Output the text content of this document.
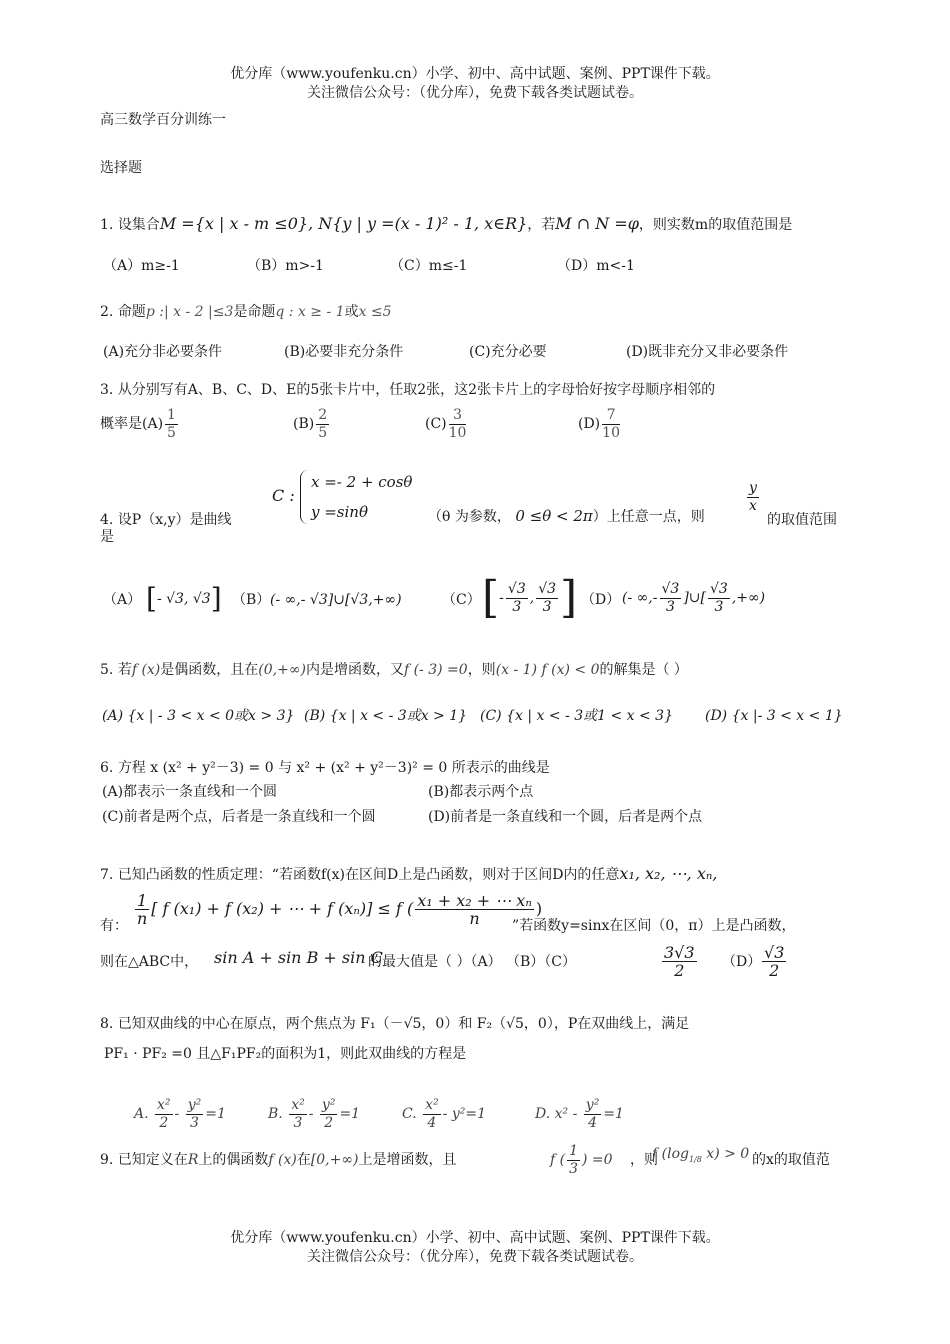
优分库（www.youfenku.cn）小学、初中、高中试题、案例、PPT课件下载。
关注微信公众号：（优分库），免费下载各类试题试卷。
高三数学百分训练一
选择题
1. 设集合M ={x | x - m ≤0}, N{y | y =(x - 1)² - 1, x∈R}，若M ∩ N =φ，则实数m的取值范围是
（A）m≥-1	（B）m>-1	（C）m≤-1	（D）m<-1
2. 命题p :| x - 2 |≤3是命题q : x ≥ - 1或x ≤5
(A)充分非必要条件	(B)必要非充分条件	(C)充分必要	(D)既非充分又非必要条件
3. 从分别写有A、B、C、D、E的5张卡片中，任取2张，这2张卡片上的字母恰好按字母顺序相邻的
概率是$(A) \frac{1}{5}$	$(B) \frac{2}{5}$	$(C) \frac{3}{10}$	$(D) \frac{7}{10}$
C :
x =- 2 + cosθ
y =sinθ
4. 设P（x,y）是曲线	（θ 为参数， 0 ≤θ < 2π）上任意一点，则
$\frac{y}{x}$
的取值范围
是
（A） [- √3, √3] （B） (- ∞,- √3]∪[√3,+∞)	（C） [- $\frac{√3}{3}$ , $\frac{√3}{3}$ ] （D） (- ∞,- $\frac{√3}{3}$ ]∪[ $\frac{√3}{3}$ ,+∞)
5. 若f (x)是偶函数，且在(0,+∞)内是增函数，又f (- 3) =0，则(x - 1) f (x) < 0的解集是（ ）
(A) {x | - 3 < x < 0或x > 3} (B) {x | x < - 3或x > 1} (C) {x | x < - 3或1 < x < 3} (D) {x |- 3 < x < 1}
6. 方程 x (x² + y²－3) = 0 与 x² + (x² + y²－3)² = 0 所表示的曲线是
(A)都表示一条直线和一个圆	(B)都表示两个点
(C)前者是两个点，后者是一条直线和一个圆	(D)前者是一条直线和一个圆，后者是两个点
7. 已知凸函数的性质定理：“若函数f(x)在区间D上是凸函数，则对于区间D内的任意x₁, x₂, ⋯, xₙ,
有： $\frac{1}{n}$ [ f (x₁) + f (x₂) + ⋯ + f (xₙ)] ≤ f ( $\frac{\text{x₁ + x₂ + ⋯ xₙ}}{n}$ )
”若函数y=sinx在区间（0，π）上是凸函数，
则在△ABC中， sin A + sin B + sin C
的最大值是（ ）（A） （B）（C）	$\frac{3√3}{2} (D) \frac{√3}{2}$
8. 已知双曲线的中心在原点，两个焦点为 F₁（－√5，0）和 F₂（√5，0），P在双曲线上，满足
PF₁ · PF₂ =0 且△F₁PF₂的面积为1，则此双曲线的方程是
A. $\frac{\text{x²}}{2} - \frac{\text{y²}}{3} =1$	B. $\frac{\text{x²}}{3} - \frac{\text{y²}}{2} =1$	C. $\frac{\text{x²}}{4} - y^2=1$	D. $x^2 - \frac{\text{y²}}{4} =1$
9. 已知定义在R上的偶函数f (x)在[0,+∞)上是增函数，且	f ( $\frac{1}{3}$ ) =0 ，则
f ($\log_{1/8}$ x) > 0 的x的取值范
优分库（www.youfenku.cn）小学、初中、高中试题、案例、PPT课件下载。
关注微信公众号：（优分库），免费下载各类试题试卷。
